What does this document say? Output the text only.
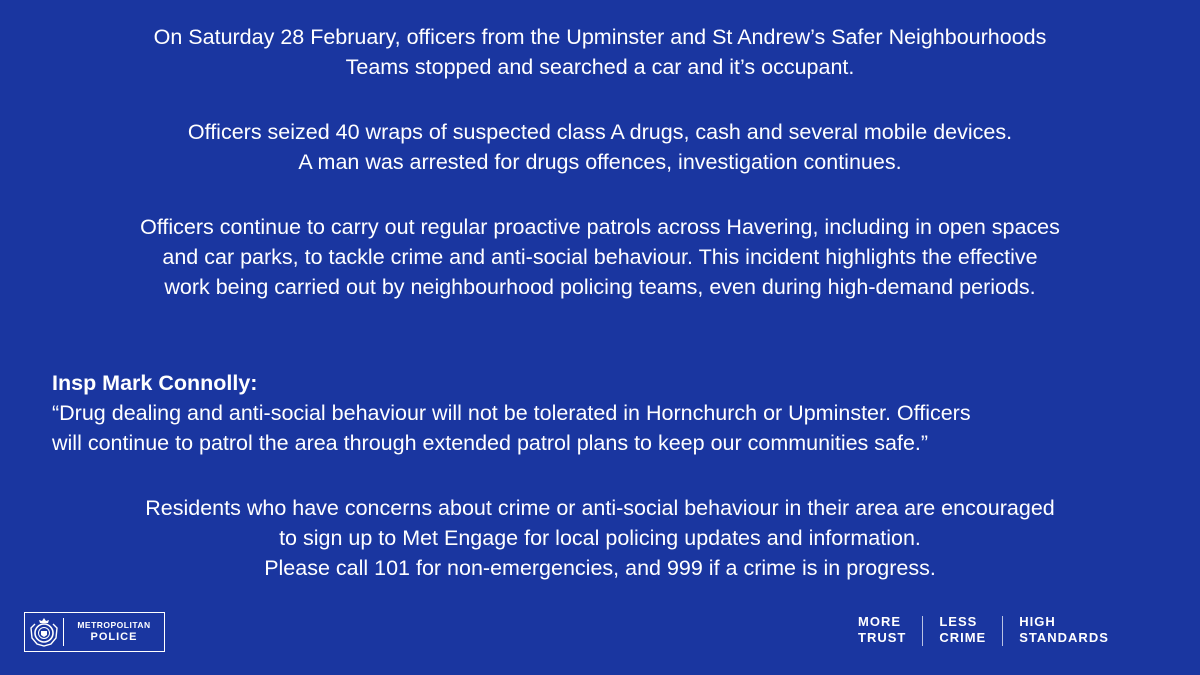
On Saturday 28 February, officers from the Upminster and St Andrew’s Safer Neighbourhoods
Teams stopped and searched a car and it’s occupant.
Officers seized 40 wraps of suspected class A drugs, cash and several mobile devices.
A man was arrested for drugs offences, investigation continues.
Officers continue to carry out regular proactive patrols across Havering, including in open spaces
and car parks, to tackle crime and anti-social behaviour. This incident highlights the effective
work being carried out by neighbourhood policing teams, even during high-demand periods.
Insp Mark Connolly:
“Drug dealing and anti-social behaviour will not be tolerated in Hornchurch or Upminster. Officers
will continue to patrol the area through extended patrol plans to keep our communities safe.”
Residents who have concerns about crime or anti-social behaviour in their area are encouraged
to sign up to Met Engage for local policing updates and information.
Please call 101 for non-emergencies, and 999 if a crime is in progress.
METROPOLITAN
POLICE
MORE
TRUST
LESS
CRIME
HIGH
STANDARDS
